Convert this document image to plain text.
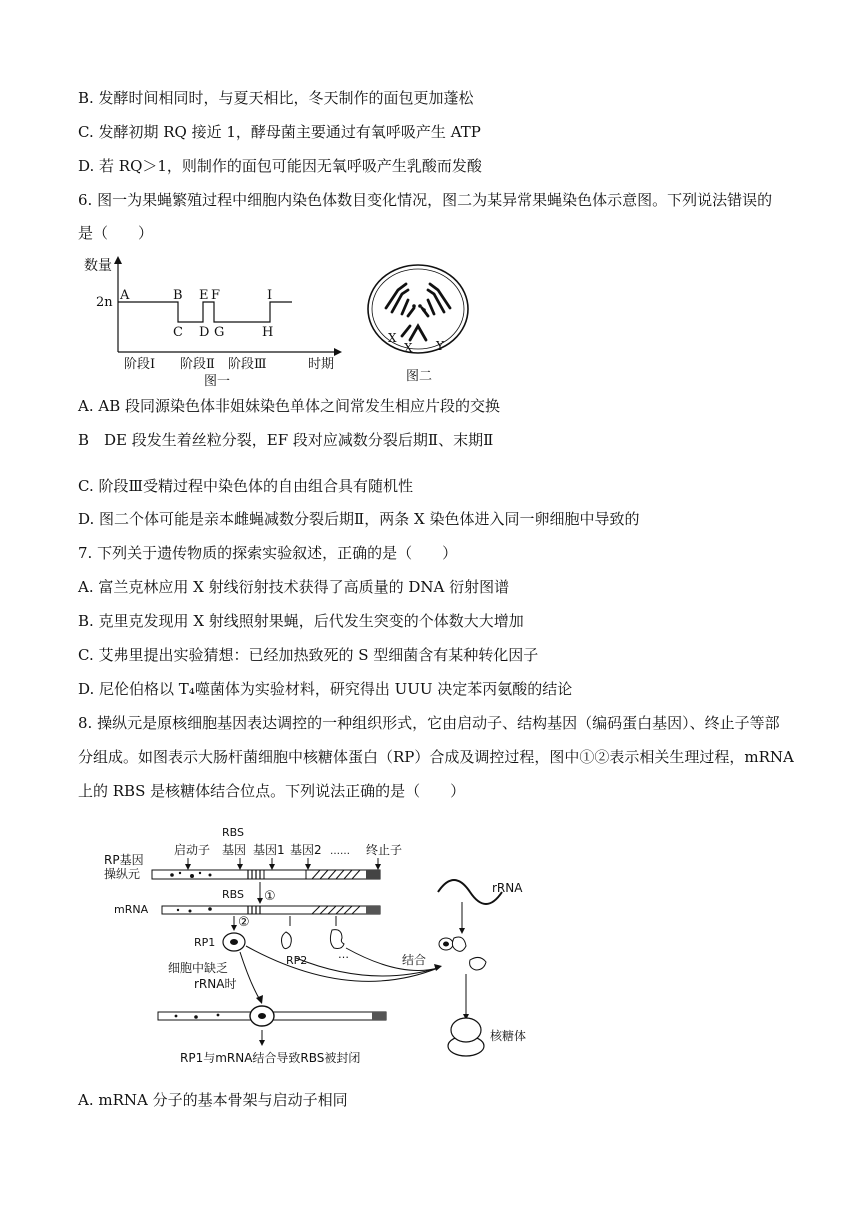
B. 发酵时间相同时，与夏天相比，冬天制作的面包更加蓬松
C. 发酵初期 RQ 接近 1，酵母菌主要通过有氧呼吸产生 ATP
D. 若 RQ＞1，则制作的面包可能因无氧呼吸产生乳酸而发酸
6. 图一为果蝇繁殖过程中细胞内染色体数目变化情况，图二为某异常果蝇染色体示意图。下列说法错误的
是（　　）
A. AB 段同源染色体非姐妹染色单体之间常发生相应片段的交换
B　DE 段发生着丝粒分裂，EF 段对应减数分裂后期Ⅱ、末期Ⅱ
C. 阶段Ⅲ受精过程中染色体的自由组合具有随机性
D. 图二个体可能是亲本雌蝇减数分裂后期Ⅱ，两条 X 染色体进入同一卵细胞中导致的
7. 下列关于遗传物质的探索实验叙述，正确的是（　　）
A. 富兰克林应用 X 射线衍射技术获得了高质量的 DNA 衍射图谱
B. 克里克发现用 X 射线照射果蝇，后代发生突变的个体数大大增加
C. 艾弗里提出实验猜想：已经加热致死的 S 型细菌含有某种转化因子
D. 尼伦伯格以 T₄噬菌体为实验材料，研究得出 UUU 决定苯丙氨酸的结论
8. 操纵元是原核细胞基因表达调控的一种组织形式，它由启动子、结构基因（编码蛋白基因）、终止子等部
分组成。如图表示大肠杆菌细胞中核糖体蛋白（RP）合成及调控过程，图中①②表示相关生理过程，mRNA
上的 RBS 是核糖体结合位点。下列说法正确的是（　　）
A. mRNA 分子的基本骨架与启动子相同
数量
2n A	B E F	I
C D G	H
阶段Ⅰ 阶段Ⅱ 阶段Ⅲ	时期
图一
X
X Y
图二
启动子
RBS
基因 基因1 基因2 …… 终止子
RP基因
操纵元
RBS ①
mRNA
②
RP1
RP2	…	结合
rRNA
核糖体
细胞中缺乏
rRNA时
RP1与mRNA结合导致RBS被封闭
